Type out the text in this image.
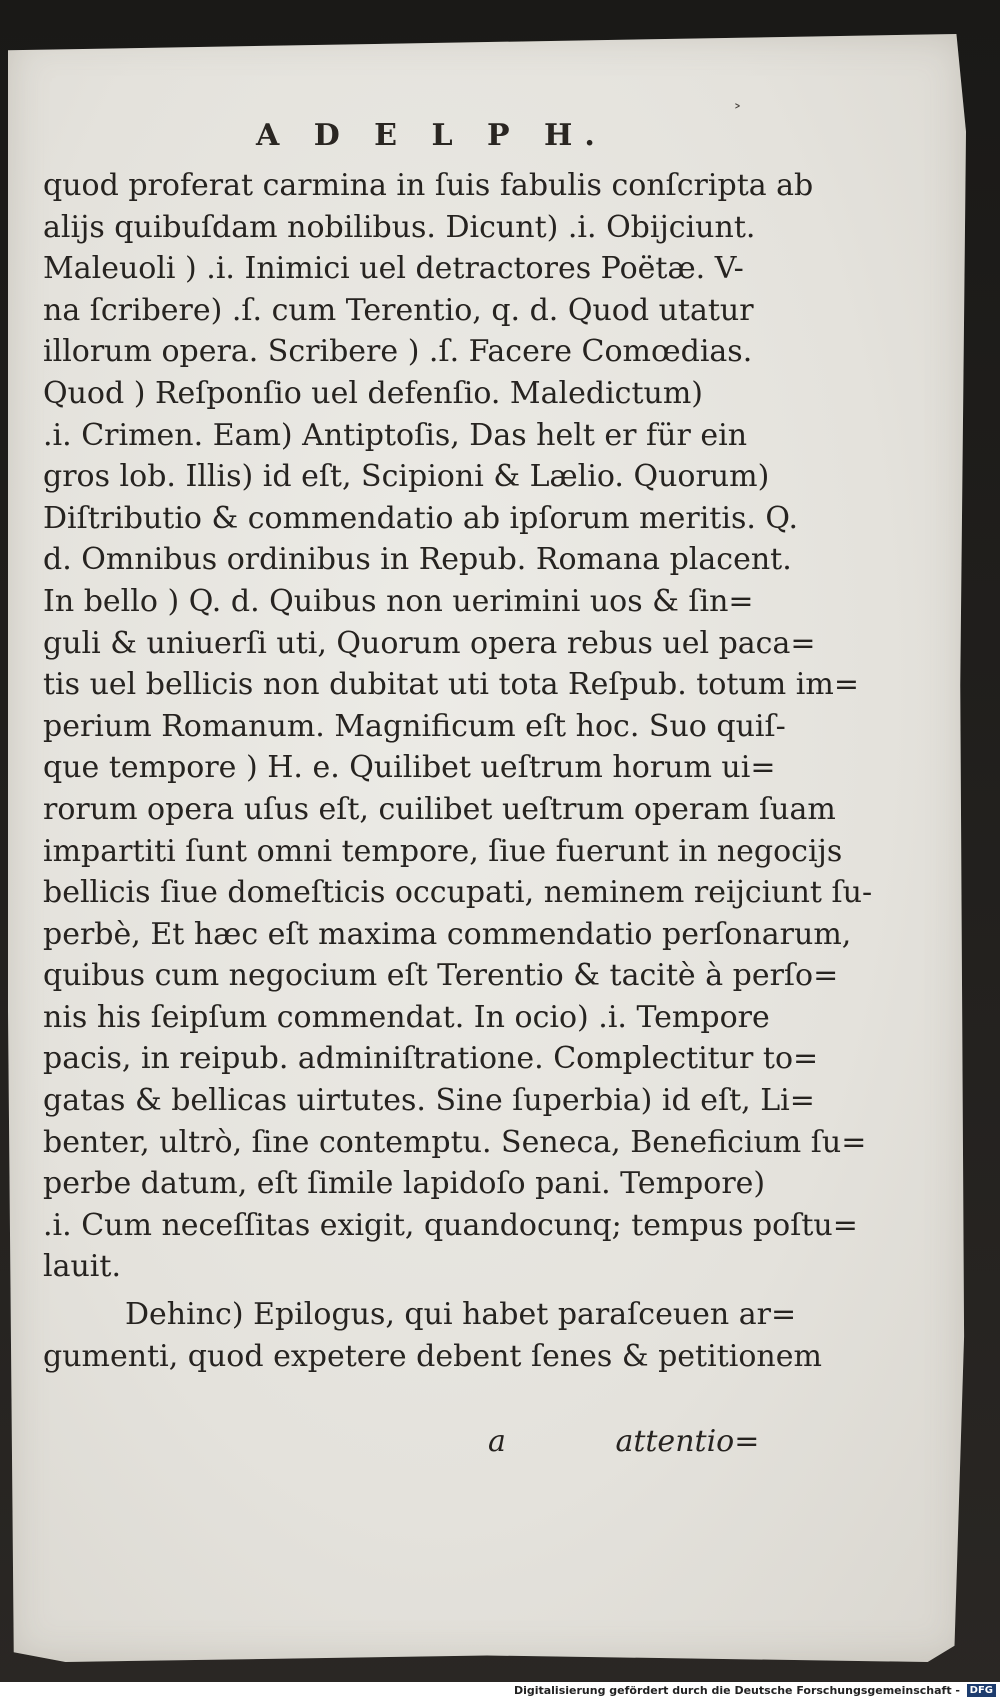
A D E L P H.
˃
quod proferat carmina in ſuis fabulis conſcripta ab
alijs quibuſdam nobilibus. Dicunt) .i. Obijciunt.
Maleuoli ) .i. Inimici uel detractores Poëtæ. V-
na ſcribere) .ſ. cum Terentio, q. d. Quod utatur
illorum opera. Scribere ) .ſ. Facere Comœdias.
Quod ) Reſponſio uel defenſio. Maledictum)
.i. Crimen. Eam) Antiptoſis, Das helt er für ein
gros lob. Illis) id eſt, Scipioni & Lælio. Quorum)
Diſtributio & commendatio ab ipſorum meritis. Q.
d. Omnibus ordinibus in Repub. Romana placent.
In bello ) Q. d. Quibus non uerimini uos & ſin=
guli & uniuerſi uti, Quorum opera rebus uel paca=
tis uel bellicis non dubitat uti tota Reſpub. totum im=
perium Romanum. Magnificum eſt hoc. Suo quiſ-
que tempore ) H. e. Quilibet ueſtrum horum ui=
rorum opera uſus eſt, cuilibet ueſtrum operam ſuam
impartiti ſunt omni tempore, ſiue fuerunt in negocijs
bellicis ſiue domeſticis occupati, neminem reijciunt ſu-
perbè, Et hæc eſt maxima commendatio perſonarum,
quibus cum negocium eſt Terentio & tacitè à perſo=
nis his ſeipſum commendat. In ocio) .i. Tempore
pacis, in reipub. adminiſtratione. Complectitur to=
gatas & bellicas uirtutes. Sine ſuperbia) id eſt, Li=
benter, ultrò, ſine contemptu. Seneca, Beneficium ſu=
perbe datum, eſt ſimile lapidoſo pani. Tempore)
.i. Cum neceſſitas exigit, quandocunq; tempus poſtu=
lauit.
Dehinc) Epilogus, qui habet paraſceuen ar=
gumenti, quod expetere debent ſenes & petitionem
a	attentio=
Digitalisierung gefördert durch die Deutsche Forschungsgemeinschaft - DFG
